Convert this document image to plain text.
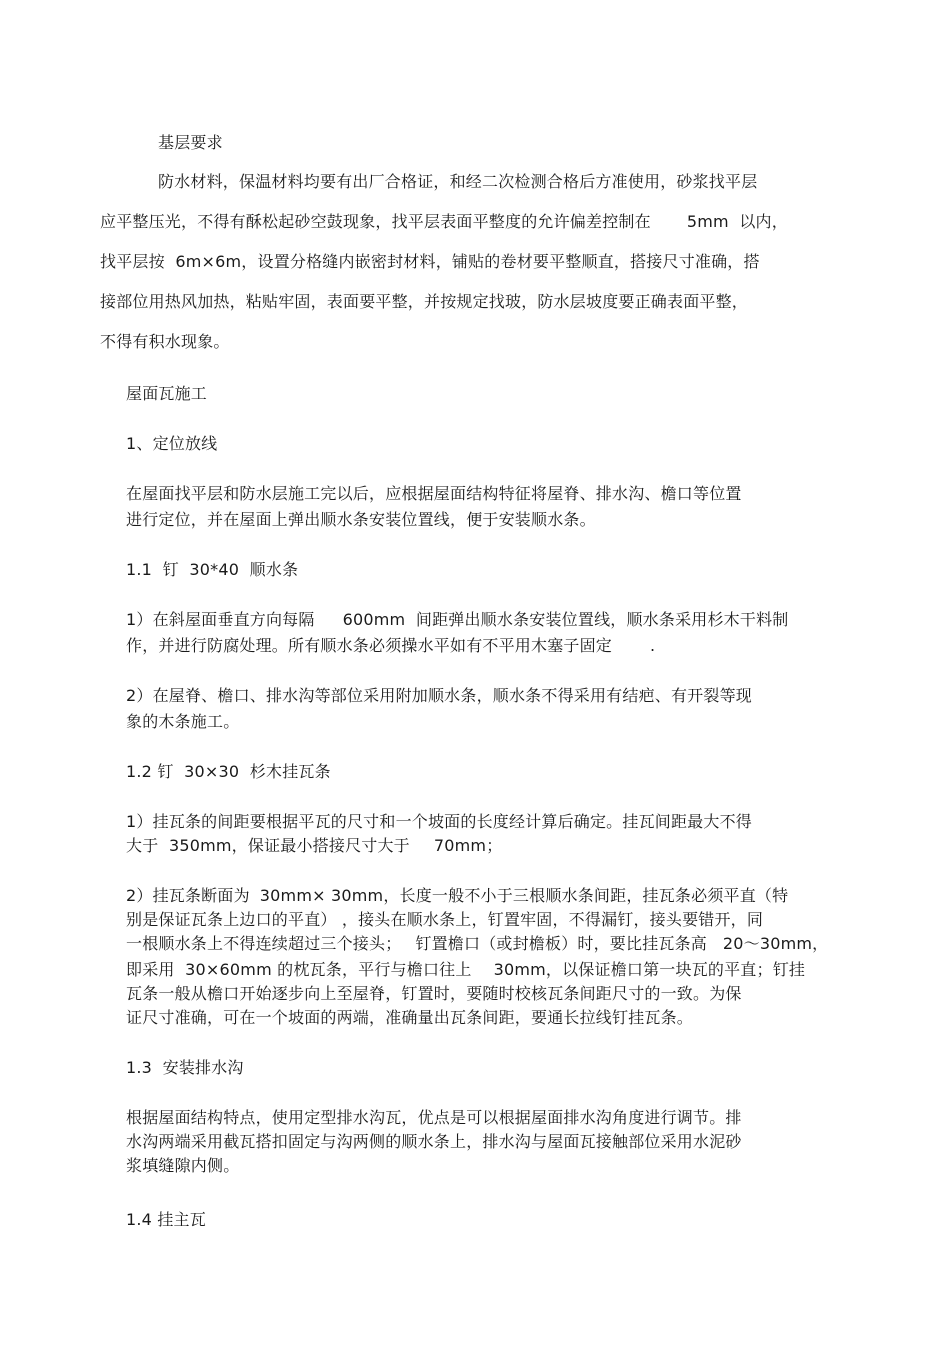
基层要求
防水材料，保温材料均要有出厂合格证，和经二次检测合格后方准使用，砂浆找平层
应平整压光，不得有酥松起砂空鼓现象，找平层表面平整度的允许偏差控制在 5mm  以内，
找平层按  6m×6m，设置分格缝内嵌密封材料，铺贴的卷材要平整顺直，搭接尺寸准确，搭
接部位用热风加热，粘贴牢固，表面要平整，并按规定找玻，防水层坡度要正确表面平整，
不得有积水现象。
屋面瓦施工
1、定位放线
在屋面找平层和防水层施工完以后，应根据屋面结构特征将屋脊、排水沟、檐口等位置
进行定位，并在屋面上弹出顺水条安装位置线，便于安装顺水条。
1.1  钉  30*40  顺水条
1）在斜屋面垂直方向每隔 600mm  间距弹出顺水条安装位置线，顺水条采用杉木干料制
作，并进行防腐处理。所有顺水条必须操水平如有不平用木塞子固定 .
2）在屋脊、檐口、排水沟等部位采用附加顺水条，顺水条不得采用有结疤、有开裂等现
象的木条施工。
1.2 钉  30×30  杉木挂瓦条
1）挂瓦条的间距要根据平瓦的尺寸和一个坡面的长度经计算后确定。挂瓦间距最大不得
大于  350mm，保证最小搭接尺寸大于 70mm；
2）挂瓦条断面为 30mm× 30mm，长度一般不小于三根顺水条间距，挂瓦条必须平直（特
别是保证瓦条上边口的平直） ，接头在顺水条上，钉置牢固，不得漏钉，接头要错开，同
一根顺水条上不得连续超过三个接头； 钉置檐口（或封檐板）时，要比挂瓦条高   20～30mm，
即采用  30×60mm 的枕瓦条，平行与檐口往上 30mm，以保证檐口第一块瓦的平直；钉挂
瓦条一般从檐口开始逐步向上至屋脊，钉置时，要随时校核瓦条间距尺寸的一致。为保
证尺寸准确，可在一个坡面的两端，准确量出瓦条间距，要通长拉线钉挂瓦条。
1.3  安装排水沟
根据屋面结构特点，使用定型排水沟瓦，优点是可以根据屋面排水沟角度进行调节。排
水沟两端采用截瓦搭扣固定与沟两侧的顺水条上，排水沟与屋面瓦接触部位采用水泥砂
浆填缝隙内侧。
1.4 挂主瓦
